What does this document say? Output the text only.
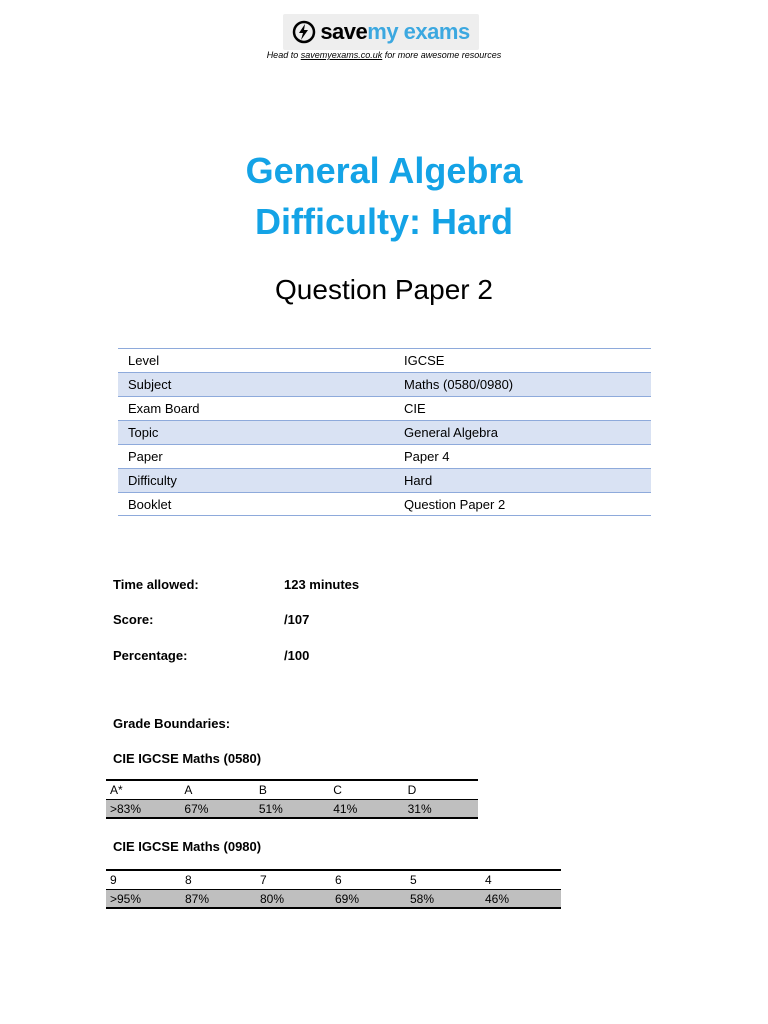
save my exams
Head to savemyexams.co.uk for more awesome resources
General Algebra
Difficulty: Hard
Question Paper 2
Level	IGCSE
Subject	Maths (0580/0980)
Exam Board	CIE
Topic	General Algebra
Paper	Paper 4
Difficulty	Hard
Booklet	Question Paper 2
Time allowed:	123 minutes
Score:	/107
Percentage:	/100
Grade Boundaries:
CIE IGCSE Maths (0580)
A*	A	B	C	D
>83%	67%	51%	41%	31%
CIE IGCSE Maths (0980)
9	8	7	6	5	4
>95%	87%	80%	69%	58%	46%
